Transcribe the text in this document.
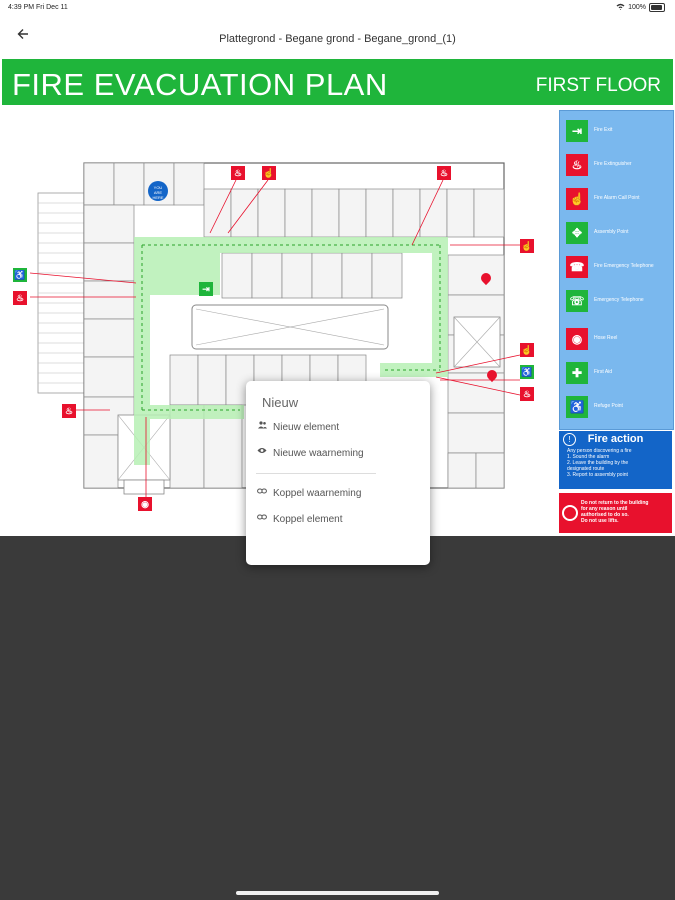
4:39 PM Fri Dec 11	100%
Plattegrond - Begane grond - Begane_grond_(1)
FIRE EVACUATION PLAN	FIRST FLOOR
YOU
ARE
HERE
♨	☝	♨
☝
♿
♨
⇥
☝
♿
♨
♨
◉
⇥	Fire Exit
♨	Fire Extinguisher
☝	Fire Alarm Call Point
✥	Assembly Point
☎	Fire Emergency Telephone
☏	Emergency Telephone
◉	Hose Reel
✚	First Aid
♿	Refuge Point
!	Fire action
Any person discovering a fire
1. Sound the alarm
2. Leave the building by the
designated route
3. Report to assembly point
Do not return to the building
for any reason until
authorised to do so.
Do not use lifts.
Nieuw
Nieuw element
Nieuwe waarneming
Koppel waarneming
Koppel element
